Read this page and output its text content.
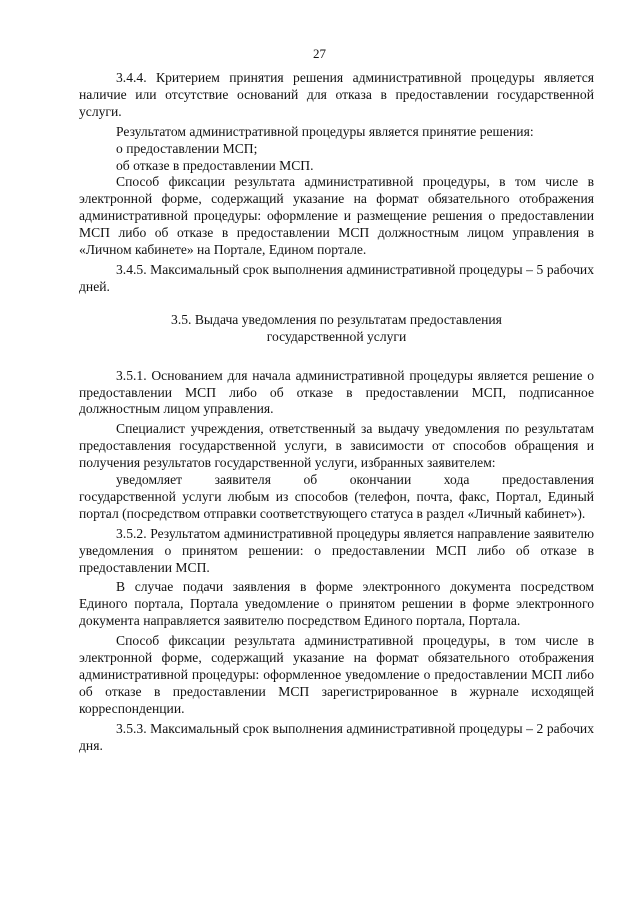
27

3.4.4. Критерием принятия решения административной процедуры является наличие или отсутствие оснований для отказа в предоставлении государственной услуги.

Результатом административной процедуры является принятие решения:

о предоставлении МСП;

об отказе в предоставлении МСП.

Способ фиксации результата административной процедуры, в том числе в электронной форме, содержащий указание на формат обязательного отображения административной процедуры: оформление и размещение решения о предоставлении МСП либо об отказе в предоставлении МСП должностным лицом управления в «Личном кабинете» на Портале, Едином портале.

3.4.5. Максимальный срок выполнения административной процедуры – 5 рабочих дней.

3.5. Выдача уведомления по результатам предоставления
государственной услуги

3.5.1. Основанием для начала административной процедуры является решение о предоставлении МСП либо об отказе в предоставлении МСП, подписанное должностным лицом управления.

Специалист учреждения, ответственный за выдачу уведомления по результатам предоставления государственной услуги, в зависимости от способов обращения и получения результатов государственной услуги, избранных заявителем:

уведомляет заявителя об окончании хода предоставления

государственной услуги любым из способов (телефон, почта, факс, Портал, Единый портал (посредством отправки соответствующего статуса в раздел «Личный кабинет»).

3.5.2. Результатом административной процедуры является направление заявителю уведомления о принятом решении: о предоставлении МСП либо об отказе в предоставлении МСП.

В случае подачи заявления в форме электронного документа посредством Единого портала, Портала уведомление о принятом решении в форме электронного документа направляется заявителю посредством Единого портала, Портала.

Способ фиксации результата административной процедуры, в том числе в электронной форме, содержащий указание на формат обязательного отображения административной процедуры: оформленное уведомление о предоставлении МСП либо об отказе в предоставлении МСП зарегистрированное в журнале исходящей корреспонденции.

3.5.3. Максимальный срок выполнения административной процедуры – 2 рабочих дня.
